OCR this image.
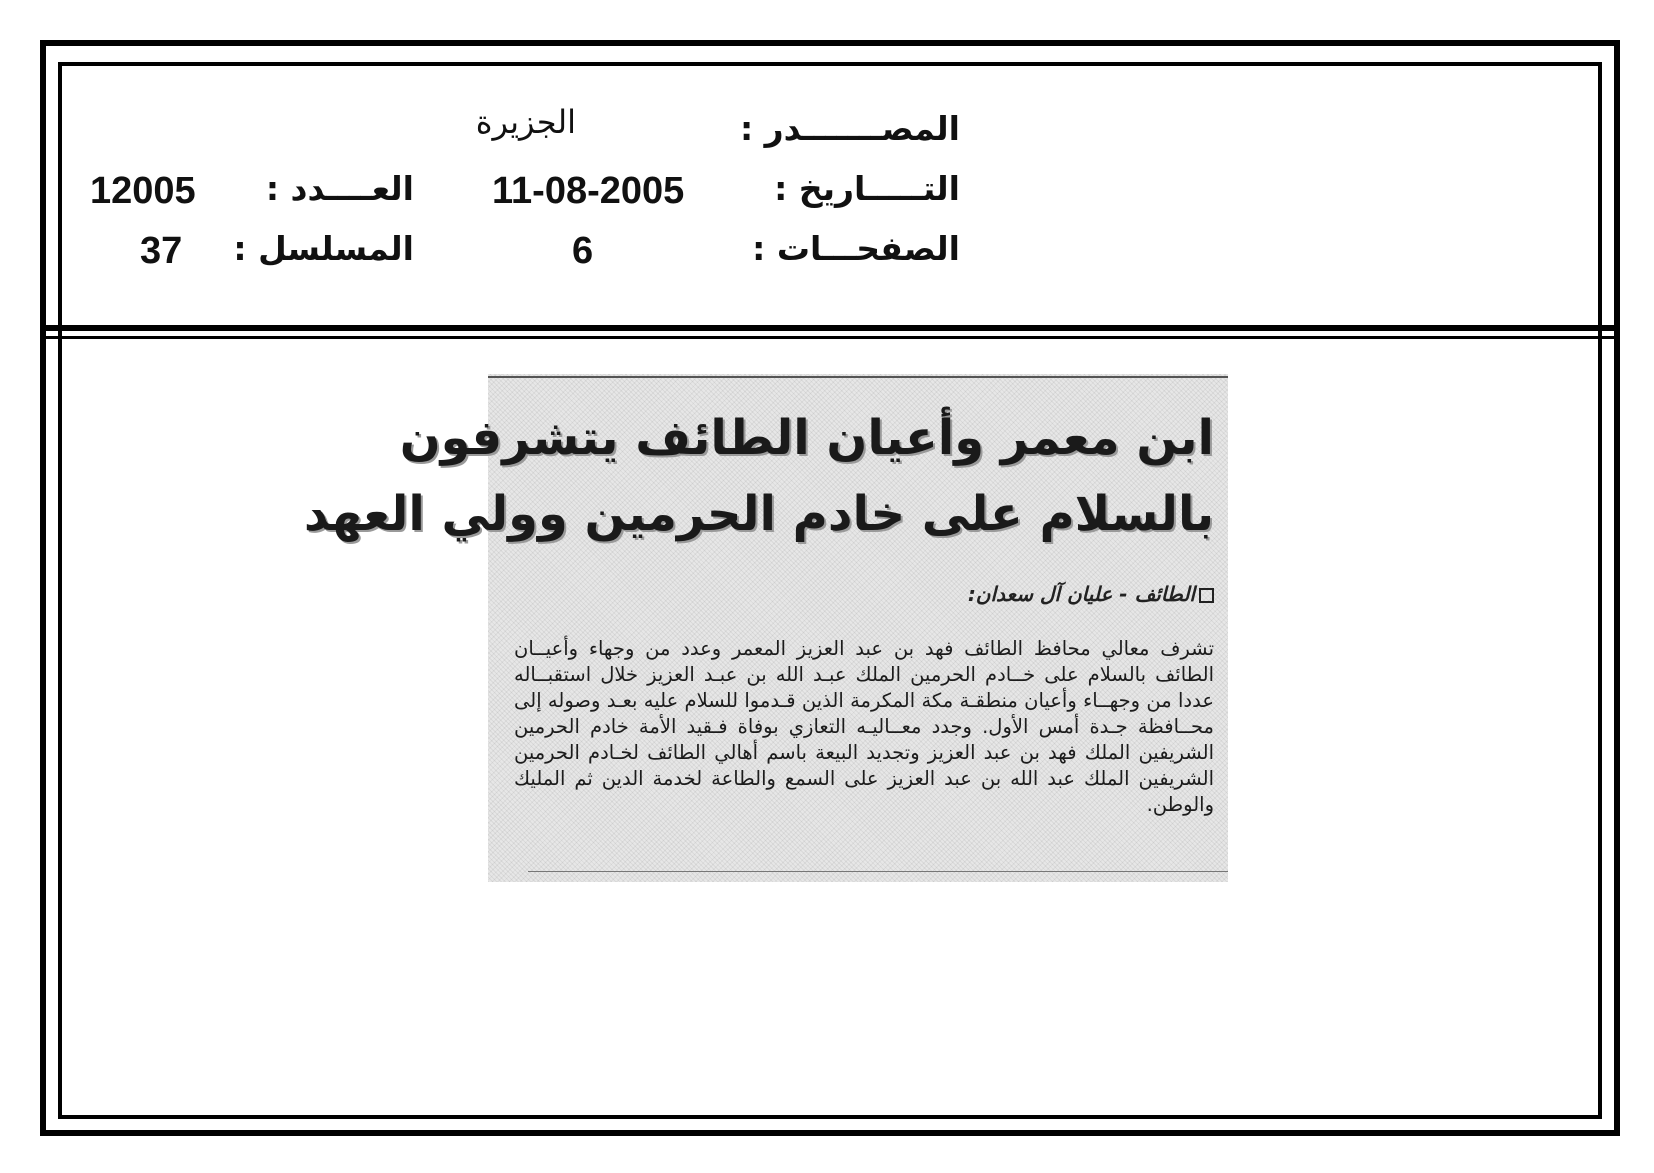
المصـــــــدر :
الجزيرة
التـــــاريخ :
11-08-2005
العــــدد :
12005
الصفحـــات :
6
المسلسل :
37
ابن معمر وأعيان الطائف يتشرفون
بالسلام على خادم الحرمين وولي العهد
الطائف - عليان آل سعدان:
تشرف معالي محافظ الطائف فهد بن عبد العزيز المعمر وعدد من وجهاء وأعيــان الطائف بالسلام على خــادم الحرمين الملك عبـد الله بن عبـد العزيز خلال استقبــاله عددا من وجهــاء وأعيان منطقـة مكة المكرمة الذين قـدموا للسلام عليه بعـد وصوله إلى محــافظة جـدة أمس الأول. وجدد معــاليـه التعازي بوفاة فـقيد الأمة خادم الحرمين الشريفين الملك فهد بن عبد العزيز وتجديد البيعة باسم أهالي الطائف لخـادم الحرمين الشريفين الملك عبد الله بن عبد العزيز على السمع والطاعة لخدمة الدين ثم المليك والوطن.
